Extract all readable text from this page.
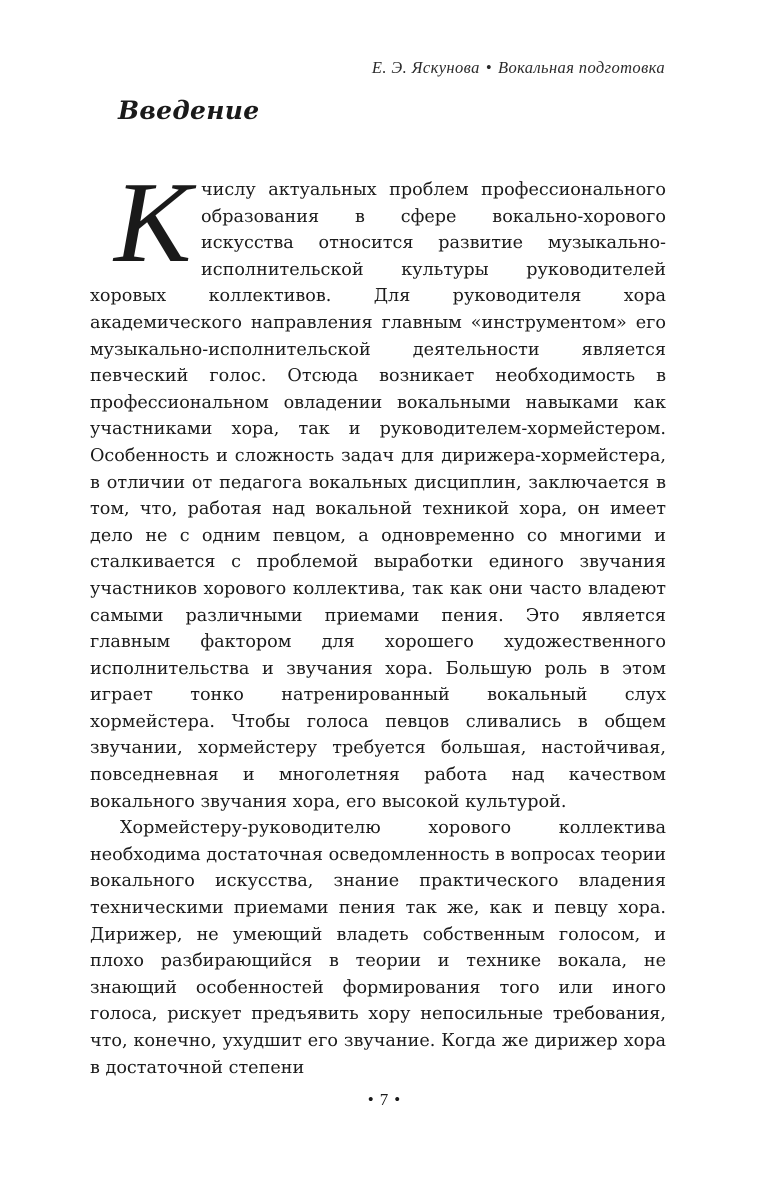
Е. Э. Яскунова • Вокальная подготовка
Введение

Кчислу актуальных проблем профессионального образования в сфере вокально-хорового искусства относится развитие музыкально-исполнительской культуры руководителей хоровых коллективов. Для руководителя хора академического направления главным «инструментом» его музыкально-исполнительской деятельности является певческий голос. Отсюда возникает необходимость в профессиональном овладении вокальными навыками как участниками хора, так и руководителем-хормейстером. Особенность и сложность задач для дирижера-хормейстера, в отличии от педагога вокальных дисциплин, заключается в том, что, работая над вокальной техникой хора, он имеет дело не с одним певцом, а одновременно со многими и сталкивается с проблемой выработки единого звучания участников хорового коллектива, так как они часто владеют самыми различными приемами пения. Это является главным фактором для хорошего художественного исполнительства и звучания хора. Большую роль в этом играет тонко натренированный вокальный слух хормейстера. Чтобы голоса певцов сливались в общем звучании, хормейстеру требуется большая, настойчивая, повседневная и многолетняя работа над качеством вокального звучания хора, его высокой культурой.

Хормейстеру-руководителю хорового коллектива необходима достаточная осведомленность в вопросах теории вокального искусства, знание практического владения техническими приемами пения так же, как и певцу хора. Дирижер, не умеющий владеть собственным голосом, и плохо разбирающийся в теории и технике вокала, не знающий особенностей формирования того или иного голоса, рискует предъявить хору непосильные требования, что, конечно, ухудшит его звучание. Когда же дирижер хора в достаточной степени

• 7 •
